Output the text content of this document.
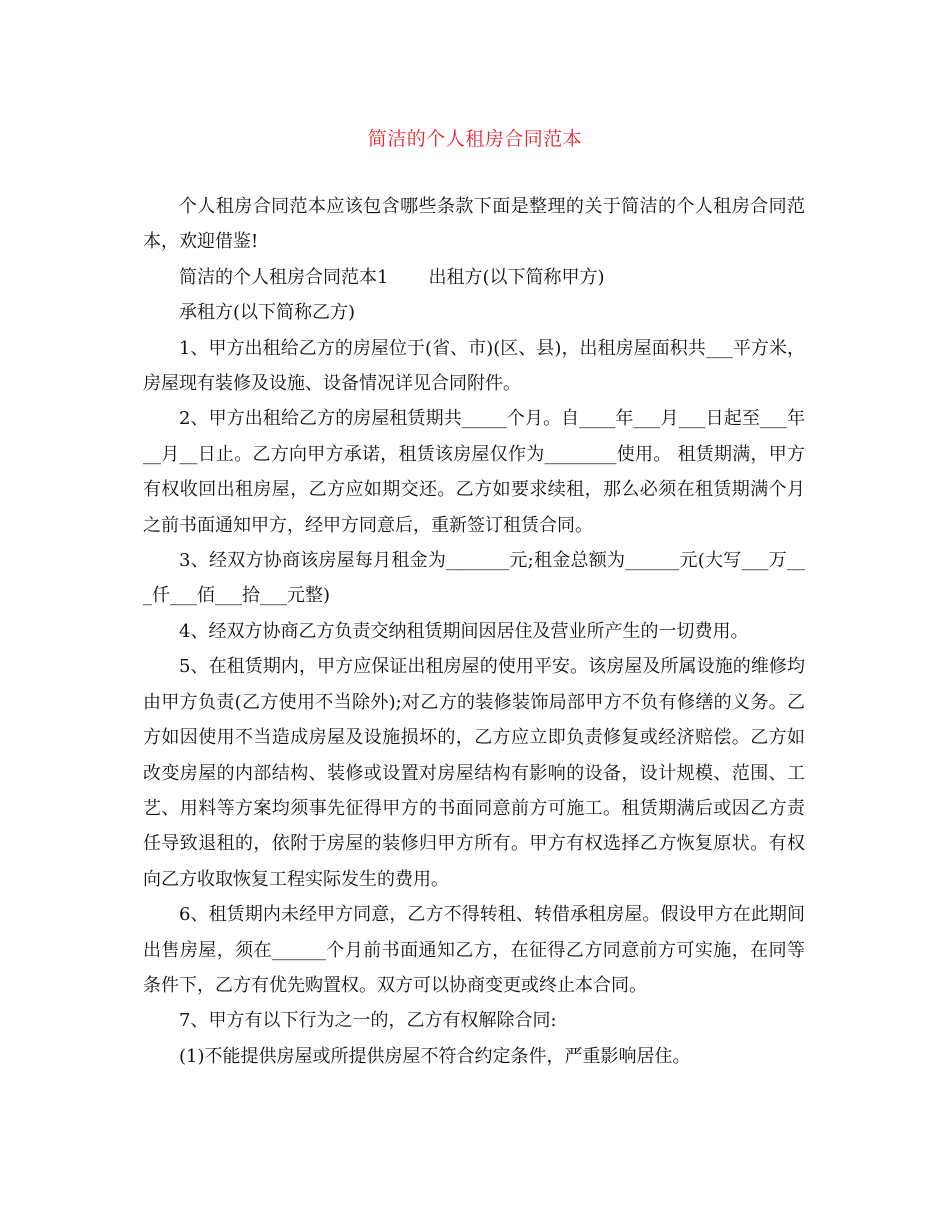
简洁的个人租房合同范本

个人租房合同范本应该包含哪些条款下面是整理的关于简洁的个人租房合同范本，欢迎借鉴!

简洁的个人租房合同范本1 出租方(以下简称甲方)

承租方(以下简称乙方)

1、甲方出租给乙方的房屋位于(省、市)(区、县)，出租房屋面积共___平方米，房屋现有装修及设施、设备情况详见合同附件。

2、甲方出租给乙方的房屋租赁期共_____个月。自____年___月___日起至___年__月__日止。乙方向甲方承诺，租赁该房屋仅作为________使用。 租赁期满，甲方有权收回出租房屋，乙方应如期交还。乙方如要求续租，那么必须在租赁期满个月之前书面通知甲方，经甲方同意后，重新签订租赁合同。

3、经双方协商该房屋每月租金为_______元;租金总额为______元(大写___万___仟___佰___拾___元整)

4、经双方协商乙方负责交纳租赁期间因居住及营业所产生的一切费用。

5、在租赁期内，甲方应保证出租房屋的使用平安。该房屋及所属设施的维修均由甲方负责(乙方使用不当除外);对乙方的装修装饰局部甲方不负有修缮的义务。乙方如因使用不当造成房屋及设施损坏的，乙方应立即负责修复或经济赔偿。乙方如改变房屋的内部结构、装修或设置对房屋结构有影响的设备，设计规模、范围、工艺、用料等方案均须事先征得甲方的书面同意前方可施工。租赁期满后或因乙方责任导致退租的，依附于房屋的装修归甲方所有。甲方有权选择乙方恢复原状。有权向乙方收取恢复工程实际发生的费用。

6、租赁期内未经甲方同意，乙方不得转租、转借承租房屋。假设甲方在此期间出售房屋，须在______个月前书面通知乙方，在征得乙方同意前方可实施，在同等条件下，乙方有优先购置权。双方可以协商变更或终止本合同。

7、甲方有以下行为之一的，乙方有权解除合同:

(1)不能提供房屋或所提供房屋不符合约定条件，严重影响居住。
